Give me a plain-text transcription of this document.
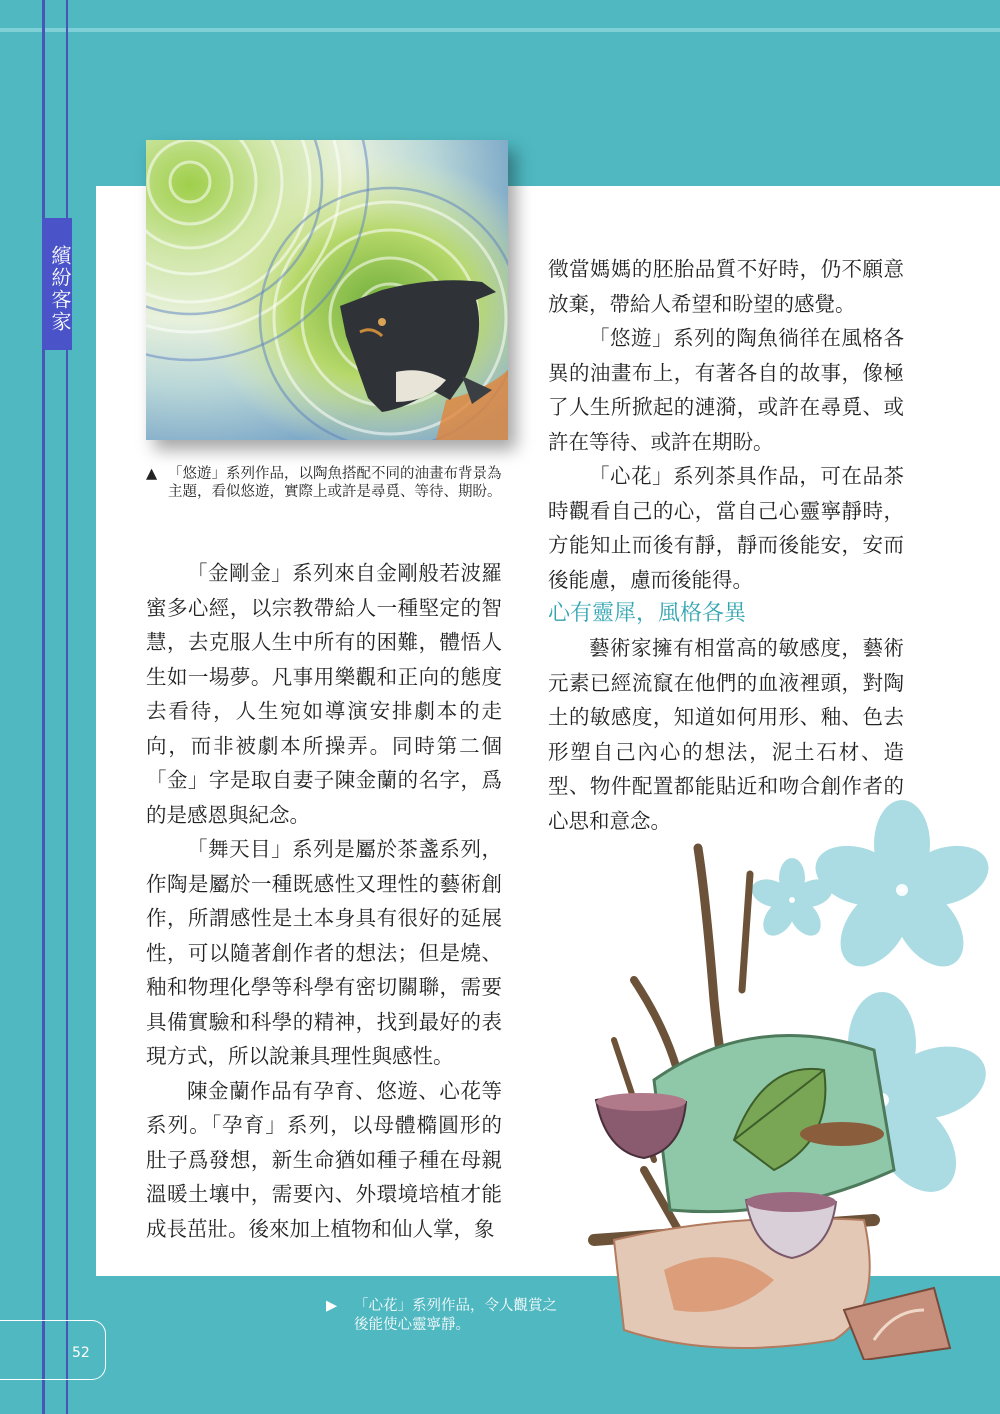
繽紛客家
▲ 「悠遊」系列作品，以陶魚搭配不同的油畫布背景為主題，看似悠遊，實際上或許是尋覓、等待、期盼。

「金剛金」系列來自金剛般若波羅蜜多心經，以宗教帶給人一種堅定的智慧，去克服人生中所有的困難，體悟人生如一場夢。凡事用樂觀和正向的態度去看待，人生宛如導演安排劇本的走向，而非被劇本所操弄。同時第二個「金」字是取自妻子陳金蘭的名字，爲的是感恩與紀念。

「舞天目」系列是屬於茶盞系列，作陶是屬於一種既感性又理性的藝術創作，所謂感性是土本身具有很好的延展性，可以隨著創作者的想法；但是燒、釉和物理化學等科學有密切關聯，需要具備實驗和科學的精神，找到最好的表現方式，所以說兼具理性與感性。

陳金蘭作品有孕育、悠遊、心花等系列。「孕育」系列，以母體橢圓形的肚子爲發想，新生命猶如種子種在母親溫暖土壤中，需要內、外環境培植才能成長茁壯。後來加上植物和仙人掌，象

徵當媽媽的胚胎品質不好時，仍不願意放棄，帶給人希望和盼望的感覺。

「悠遊」系列的陶魚徜徉在風格各異的油畫布上，有著各自的故事，像極了人生所掀起的漣漪，或許在尋覓、或許在等待、或許在期盼。

「心花」系列茶具作品，可在品茶時觀看自己的心，當自己心靈寧靜時，方能知止而後有靜，靜而後能安，安而後能慮，慮而後能得。

心有靈犀，風格各異

藝術家擁有相當高的敏感度，藝術元素已經流竄在他們的血液裡頭，對陶土的敏感度，知道如何用形、釉、色去形塑自己內心的想法，泥土石材、造型、物件配置都能貼近和吻合創作者的心思和意念。

▶	「心花」系列作品，令人觀賞之後能使心靈寧靜。
52
